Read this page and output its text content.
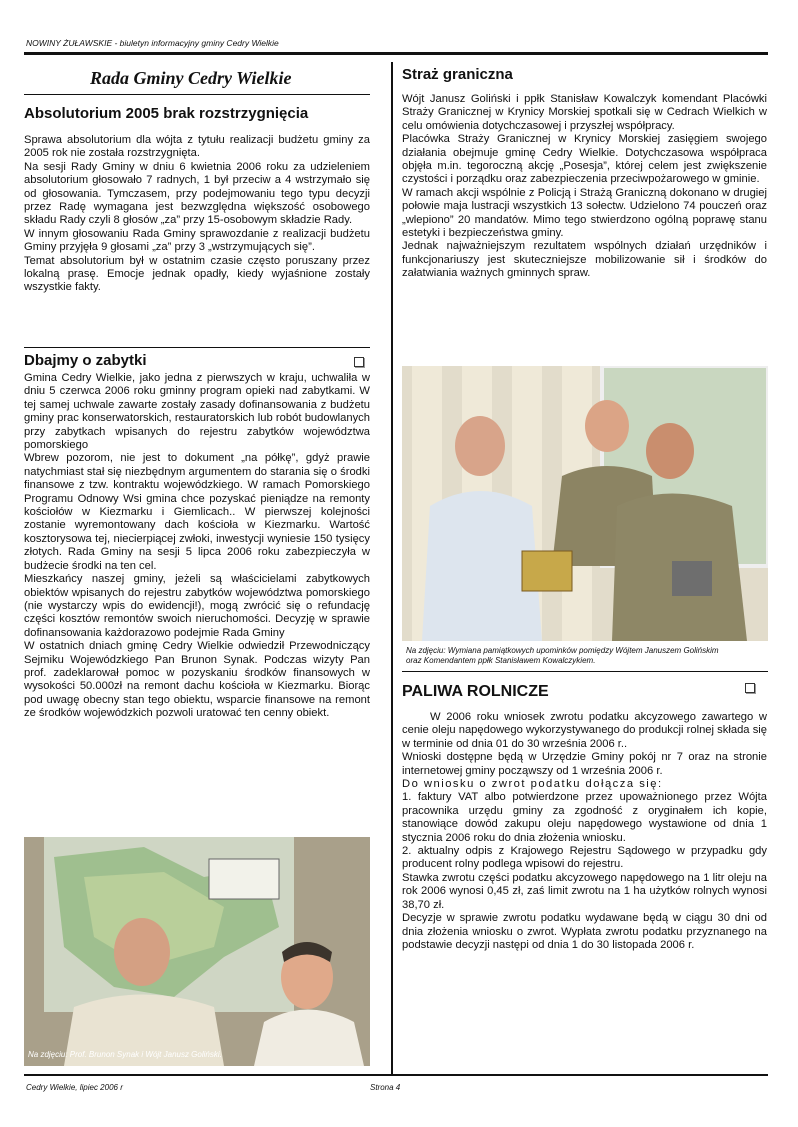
NOWINY ŻUŁAWSKIE - biuletyn informacyjny gminy Cedry Wielkie
Rada Gminy Cedry Wielkie
Absolutorium 2005 brak rozstrzygnięcia

Sprawa absolutorium dla wójta z tytułu realizacji budżetu gminy za 2005 rok nie została rozstrzygnięta.

Na sesji Rady Gminy w dniu 6 kwietnia 2006 roku za udzieleniem absolutorium głosowało 7 radnych, 1 był przeciw a 4 wstrzymało się od głosowania. Tymczasem, przy podejmowaniu tego typu decyzji przez Radę wymagana jest bezwzględna większość osobowego składu Rady czyli 8 głosów „za” przy 15-osobowym składzie Rady.

W innym głosowaniu Rada Gminy sprawozdanie z realizacji budżetu Gminy przyjęła 9 głosami „za” przy 3 „wstrzymujących się”.

Temat absolutorium był w ostatnim czasie często poruszany przez lokalną prasę. Emocje jednak opadły, kiedy wyjaśnione zostały wszystkie fakty.

Dbajmy o zabytki

Gmina Cedry Wielkie, jako jedna z pierwszych w kraju, uchwaliła w dniu 5 czerwca 2006 roku gminny program opieki nad zabytkami. W tej samej uchwale zawarte zostały zasady dofinansowania z budżetu gminy prac konserwatorskich, restauratorskich lub robót budowlanych przy zabytkach wpisanych do rejestru zabytków województwa pomorskiego

Wbrew pozorom, nie jest to dokument „na półkę”, gdyż prawie natychmiast stał się niezbędnym argumentem do starania się o środki finansowe z tzw. kontraktu wojewódzkiego. W ramach Pomorskiego Programu Odnowy Wsi gmina chce pozyskać pieniądze na remonty kościołów w Kiezmarku i Giemlicach.. W pierwszej kolejności zostanie wyremontowany dach kościoła w Kiezmarku. Wartość kosztorysowa tej, niecierpiącej zwłoki, inwestycji wyniesie 150 tysięcy złotych. Rada Gminy na sesji 5 lipca 2006 roku zabezpieczyła w budżecie środki na ten cel.

Mieszkańcy naszej gminy, jeżeli są właścicielami zabytkowych obiektów wpisanych do rejestru zabytków województwa pomorskiego (nie wystarczy wpis do ewidencji!), mogą zwrócić się o refundację części kosztów remontów swoich nieruchomości. Decyzję w sprawie dofinansowania każdorazowo podejmie Rada Gminy

W ostatnich dniach gminę Cedry Wielkie odwiedził Przewodniczący Sejmiku Wojewódzkiego Pan Brunon Synak. Podczas wizyty Pan prof. zadeklarował pomoc w pozyskaniu środków finansowych w wysokości 50.000zł na remont dachu kościoła w Kiezmarku. Biorąc pod uwagę obecny stan tego obiektu, wsparcie finansowe na remont ze środków wojewódzkich pozwoli uratować ten cenny obiekt.

Na zdjęciu: Prof. Brunon Synak i Wójt Janusz Goliński.

Straż graniczna

Wójt Janusz Goliński i ppłk Stanisław Kowalczyk komendant Placówki Straży Granicznej w Krynicy Morskiej spotkali się w Cedrach Wielkich w celu omówienia dotychczasowej i przyszłej współpracy.

Placówka Straży Granicznej w Krynicy Morskiej zasięgiem swojego działania obejmuje gminę Cedry Wielkie. Dotychczasowa współpraca objęła m.in. tegoroczną akcję „Posesja”, której celem jest zwiększenie czystości i porządku oraz zabezpieczenia przeciwpożarowego w gminie.

W ramach akcji wspólnie z Policją i Strażą Graniczną dokonano w drugiej połowie maja lustracji wszystkich 13 sołectw. Udzielono 74 pouczeń oraz „wlepiono” 20 mandatów. Mimo tego stwierdzono ogólną poprawę stanu estetyki i bezpieczeństwa gminy.

Jednak najważniejszym rezultatem wspólnych działań urzędników i funkcjonariuszy jest skuteczniejsze mobilizowanie sił i środków do załatwiania ważnych gminnych spraw.

Na zdjęciu: Wymiana pamiątkowych upominków pomiędzy Wójtem Januszem Golińskim

oraz Komendantem ppłk Stanisławem Kowalczykiem.

PALIWA ROLNICZE

W 2006 roku wniosek zwrotu podatku akcyzowego zawartego w cenie oleju napędowego wykorzystywanego do produkcji rolnej składa się w terminie od dnia 01 do 30 września 2006 r..

Wnioski dostępne będą w Urzędzie Gminy pokój nr 7 oraz na stronie internetowej gminy począwszy od 1 września 2006 r.

Do wniosku o zwrot podatku dołącza się:

1. faktury VAT albo potwierdzone przez upoważnionego przez Wójta pracownika urzędu gminy za zgodność z oryginałem ich kopie, stanowiące dowód zakupu oleju napędowego wystawione od dnia 1 stycznia 2006 roku do dnia złożenia wniosku.

2. aktualny odpis z Krajowego Rejestru Sądowego w przypadku gdy producent rolny podlega wpisowi do rejestru.

Stawka zwrotu części podatku akcyzowego napędowego na 1 litr oleju na rok 2006 wynosi 0,45 zł, zaś limit zwrotu na 1 ha użytków rolnych wynosi 38,70 zł.

Decyzje w sprawie zwrotu podatku wydawane będą w ciągu 30 dni od dnia złożenia wniosku o zwrot. Wypłata zwrotu podatku przyznanego na podstawie decyzji następi od dnia 1 do 30 listopada 2006 r.

Cedry Wielkie, lipiec 2006 r	Strona 4
